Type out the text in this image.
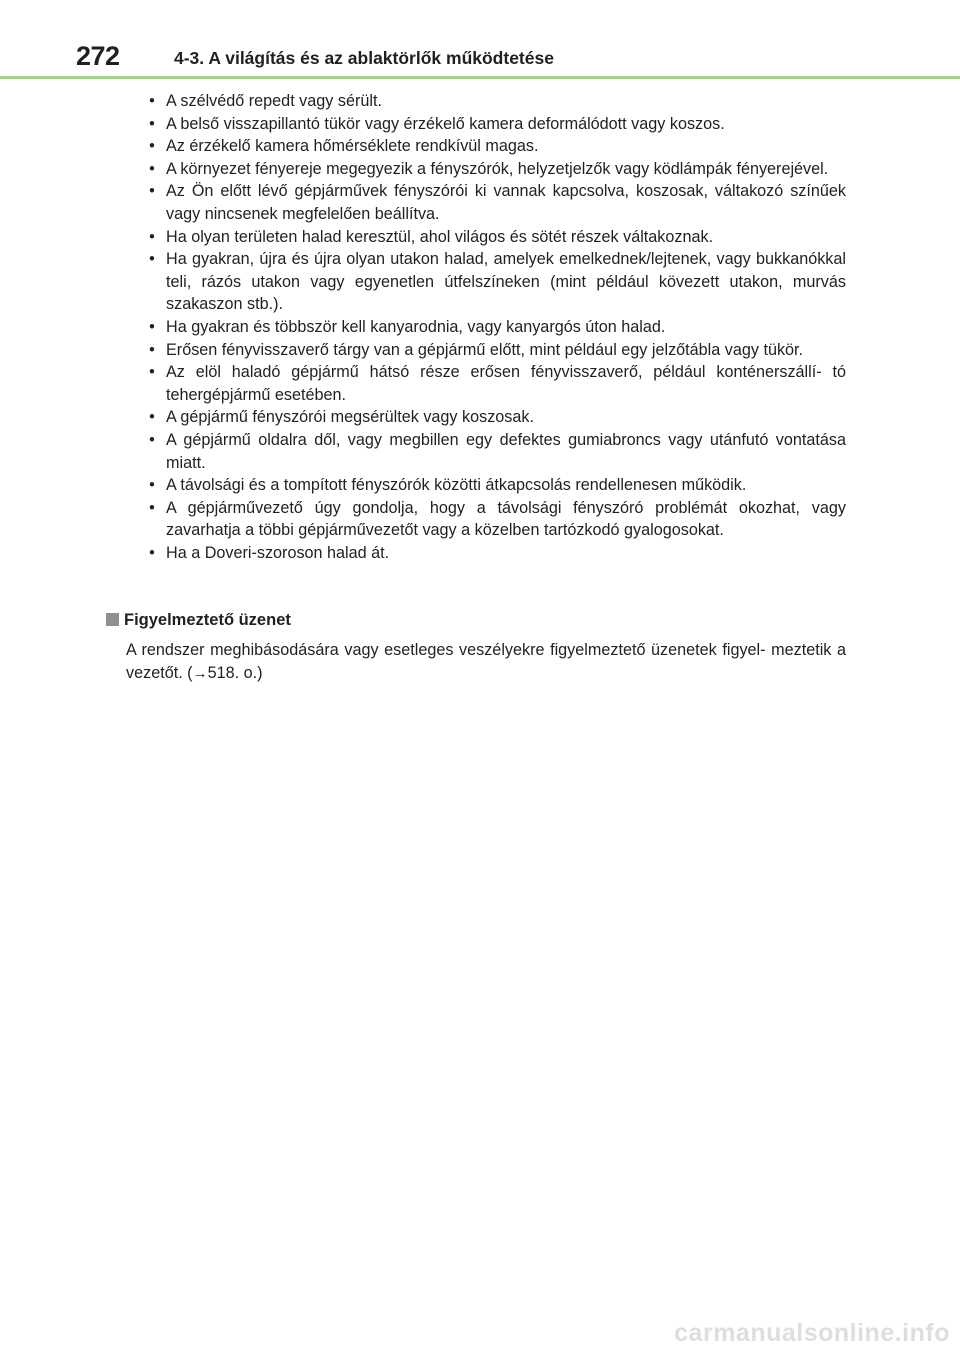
272	4-3. A világítás és az ablaktörlők működtetése
• A szélvédő repedt vagy sérült.
• A belső visszapillantó tükör vagy érzékelő kamera deformálódott vagy koszos.
• Az érzékelő kamera hőmérséklete rendkívül magas.
• A környezet fényereje megegyezik a fényszórók, helyzetjelzők vagy ködlámpák fényerejével.
• Az Ön előtt lévő gépjárművek fényszórói ki vannak kapcsolva, koszosak, váltakozó színűek vagy nincsenek megfelelően beállítva.
• Ha olyan területen halad keresztül, ahol világos és sötét részek váltakoznak.
• Ha gyakran, újra és újra olyan utakon halad, amelyek emelkednek/lejtenek, vagy bukkanókkal teli, rázós utakon vagy egyenetlen útfelszíneken (mint például kövezett utakon, murvás szakaszon stb.).
• Ha gyakran és többször kell kanyarodnia, vagy kanyargós úton halad.
• Erősen fényvisszaverő tárgy van a gépjármű előtt, mint például egy jelzőtábla vagy tükör.
• Az elöl haladó gépjármű hátsó része erősen fényvisszaverő, például konténerszállí- tó tehergépjármű esetében.
• A gépjármű fényszórói megsérültek vagy koszosak.
• A gépjármű oldalra dől, vagy megbillen egy defektes gumiabroncs vagy utánfutó vontatása miatt.
• A távolsági és a tompított fényszórók közötti átkapcsolás rendellenesen működik.
• A gépjárművezető úgy gondolja, hogy a távolsági fényszóró problémát okozhat, vagy zavarhatja a többi gépjárművezetőt vagy a közelben tartózkodó gyalogosokat.
• Ha a Doveri-szoroson halad át.
Figyelmeztető üzenet
A rendszer meghibásodására vagy esetleges veszélyekre figyelmeztető üzenetek figyel- meztetik a vezetőt. (→518. o.)
carmanualsonline.info
